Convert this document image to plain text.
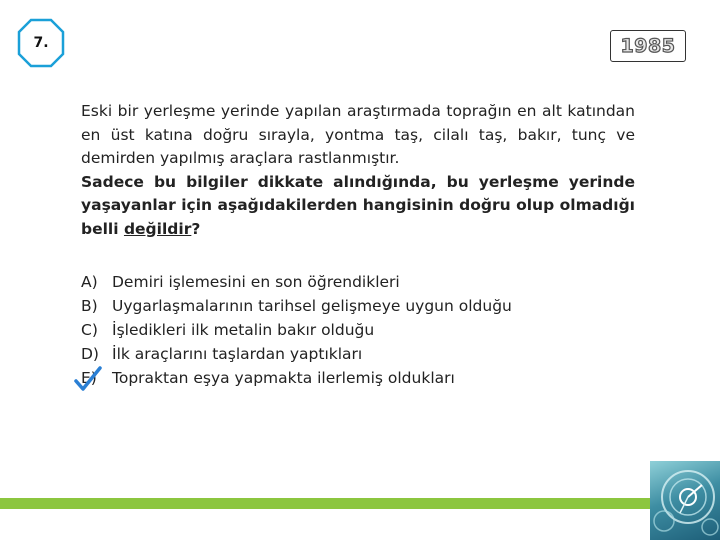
7.	1985

Eski bir yerleşme yerinde yapılan araştırmada toprağın en alt katından en üst katına doğru sırayla, yontma taş, cilalı taş, bakır, tunç ve demirden yapılmış araçlara rastlanmıştır.

Sadece bu bilgiler dikkate alındığında, bu yerleşme yerinde yaşayanlar için aşağıdakilerden hangisinin doğru olup olmadığı belli değildir?

A) Demiri işlemesini en son öğrendikleri
B) Uygarlaşmalarının tarihsel gelişmeye uygun olduğu
C) İşledikleri ilk metalin bakır olduğu
D) İlk araçlarını taşlardan yaptıkları
E) Topraktan eşya yapmakta ilerlemiş oldukları
